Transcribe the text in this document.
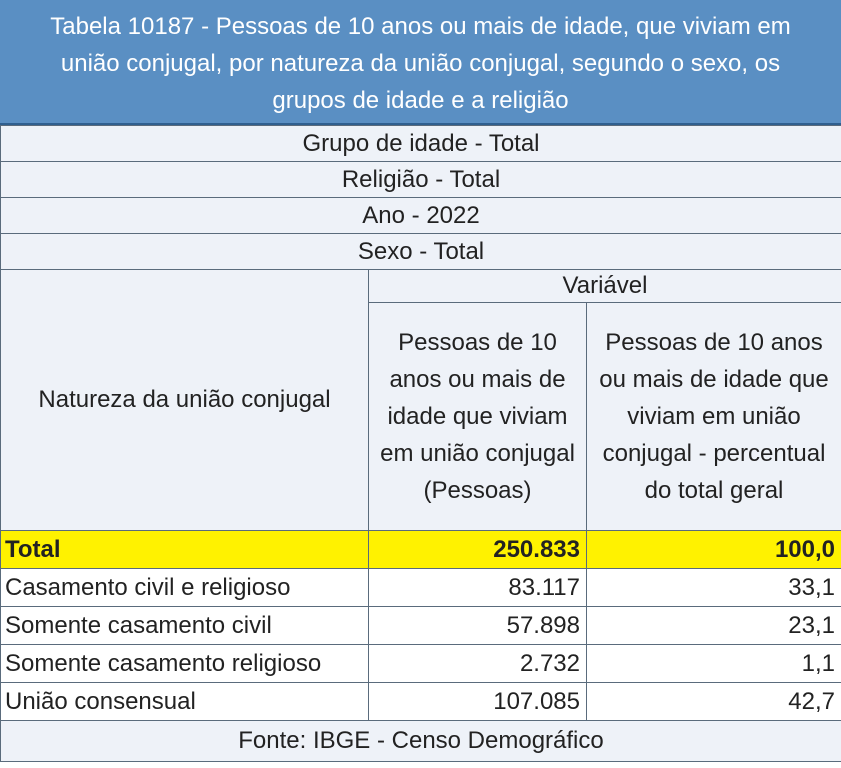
Tabela 10187 - Pessoas de 10 anos ou mais de idade, que viviam em união conjugal, por natureza da união conjugal, segundo o sexo, os grupos de idade e a religião
Grupo de idade - Total		
Religião - Total		
Ano - 2022		
Sexo - Total		
Natureza da união conjugal	Variável	
	Pessoas de 10 anos ou mais de idade que viviam em união conjugal (Pessoas)	Pessoas de 10 anos ou mais de idade que viviam em união conjugal - percentual do total geral
Total	250.833	100,0
Casamento civil e religioso	83.117	33,1
Somente casamento civil	57.898	23,1
Somente casamento religioso	2.732	1,1
União consensual	107.085	42,7
Fonte: IBGE - Censo Demográfico		
